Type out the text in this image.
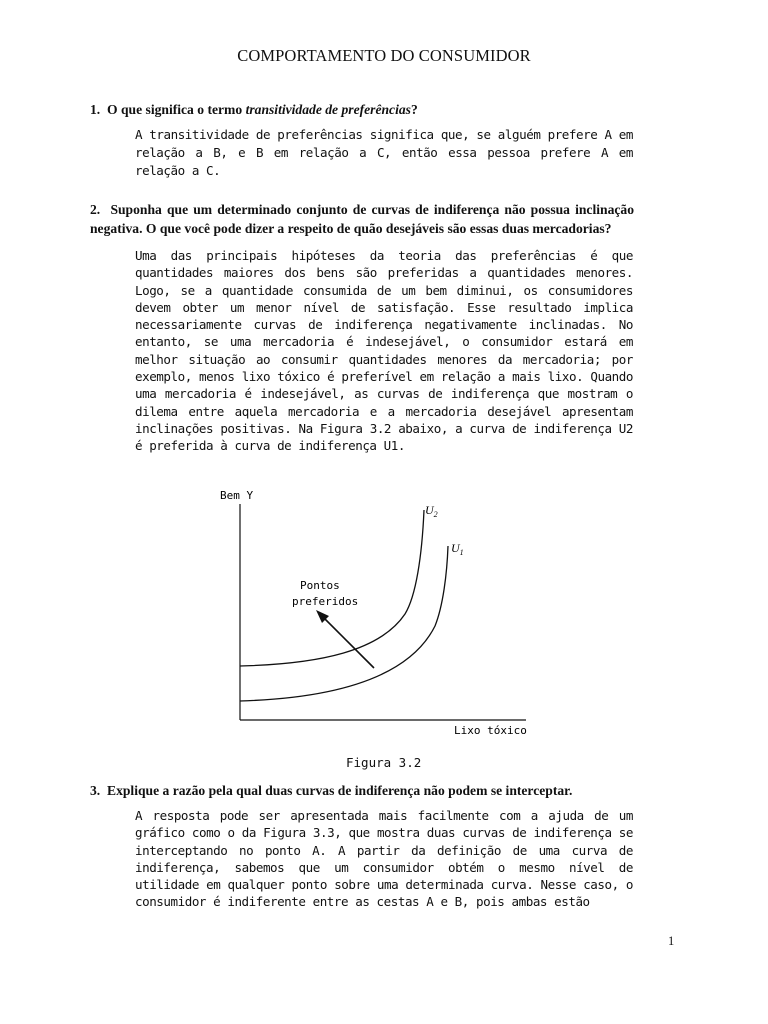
COMPORTAMENTO DO CONSUMIDOR
1. O que significa o termo transitividade de preferências?
A transitividade de preferências significa que, se alguém prefere A em relação a B, e B em relação a C, então essa pessoa prefere A em relação a C.
2. Suponha que um determinado conjunto de curvas de indiferença não possua inclinação negativa. O que você pode dizer a respeito de quão desejáveis são essas duas mercadorias?
Uma das principais hipóteses da teoria das preferências é que quantidades maiores dos bens são preferidas a quantidades menores. Logo, se a quantidade consumida de um bem diminui, os consumidores devem obter um menor nível de satisfação. Esse resultado implica necessariamente curvas de indiferença negativamente inclinadas. No entanto, se uma mercadoria é indesejável, o consumidor estará em melhor situação ao consumir quantidades menores da mercadoria; por exemplo, menos lixo tóxico é preferível em relação a mais lixo. Quando uma mercadoria é indesejável, as curvas de indiferença que mostram o dilema entre aquela mercadoria e a mercadoria desejável apresentam inclinações positivas. Na Figura 3.2 abaixo, a curva de indiferença U2 é preferida à curva de indiferença U1.
Bem Y
Lixo tóxico
$U_2$
$U_1$
Pontos
preferidos
Figura 3.2
3. Explique a razão pela qual duas curvas de indiferença não podem se interceptar.
A resposta pode ser apresentada mais facilmente com a ajuda de um gráfico como o da Figura 3.3, que mostra duas curvas de indiferença se interceptando no ponto A. A partir da definição de uma curva de indiferença, sabemos que um consumidor obtém o mesmo nível de utilidade em qualquer ponto sobre uma determinada curva. Nesse caso, o consumidor é indiferente entre as cestas A e B, pois ambas estão
1
